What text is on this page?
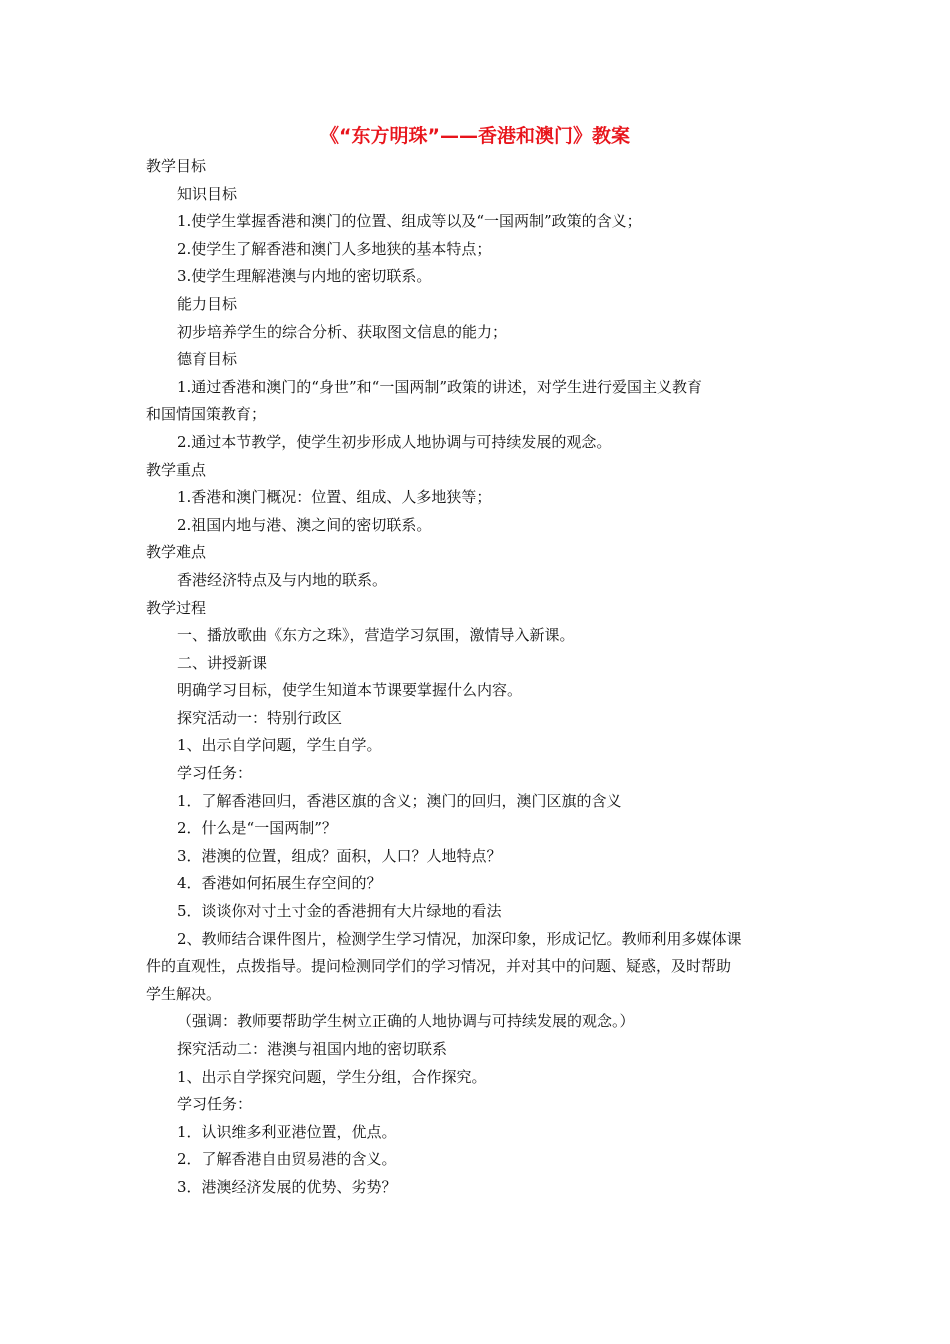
《“东方明珠”——香港和澳门》教案
教学目标
知识目标
1.使学生掌握香港和澳门的位置、组成等以及“一国两制”政策的含义；
2.使学生了解香港和澳门人多地狭的基本特点；
3.使学生理解港澳与内地的密切联系。
能力目标
初步培养学生的综合分析、获取图文信息的能力；
德育目标
1.通过香港和澳门的“身世”和“一国两制”政策的讲述，对学生进行爱国主义教育
和国情国策教育；
2.通过本节教学，使学生初步形成人地协调与可持续发展的观念。
教学重点
1.香港和澳门概况：位置、组成、人多地狭等；
2.祖国内地与港、澳之间的密切联系。
教学难点
香港经济特点及与内地的联系。
教学过程
一、播放歌曲《东方之珠》，营造学习氛围，激情导入新课。
二、讲授新课
明确学习目标，使学生知道本节课要掌握什么内容。
探究活动一：特别行政区
1、出示自学问题，学生自学。
学习任务：
1．了解香港回归，香港区旗的含义；澳门的回归，澳门区旗的含义
2．什么是“一国两制”？
3．港澳的位置，组成？面积，人口？人地特点？
4．香港如何拓展生存空间的？
5．谈谈你对寸土寸金的香港拥有大片绿地的看法
2、教师结合课件图片，检测学生学习情况，加深印象，形成记忆。教师利用多媒体课
件的直观性，点拨指导。提问检测同学们的学习情况，并对其中的问题、疑惑，及时帮助
学生解决。
（强调：教师要帮助学生树立正确的人地协调与可持续发展的观念。）
探究活动二：港澳与祖国内地的密切联系
1、出示自学探究问题，学生分组，合作探究。
学习任务：
1．认识维多利亚港位置，优点。
2．了解香港自由贸易港的含义。
3．港澳经济发展的优势、劣势？
